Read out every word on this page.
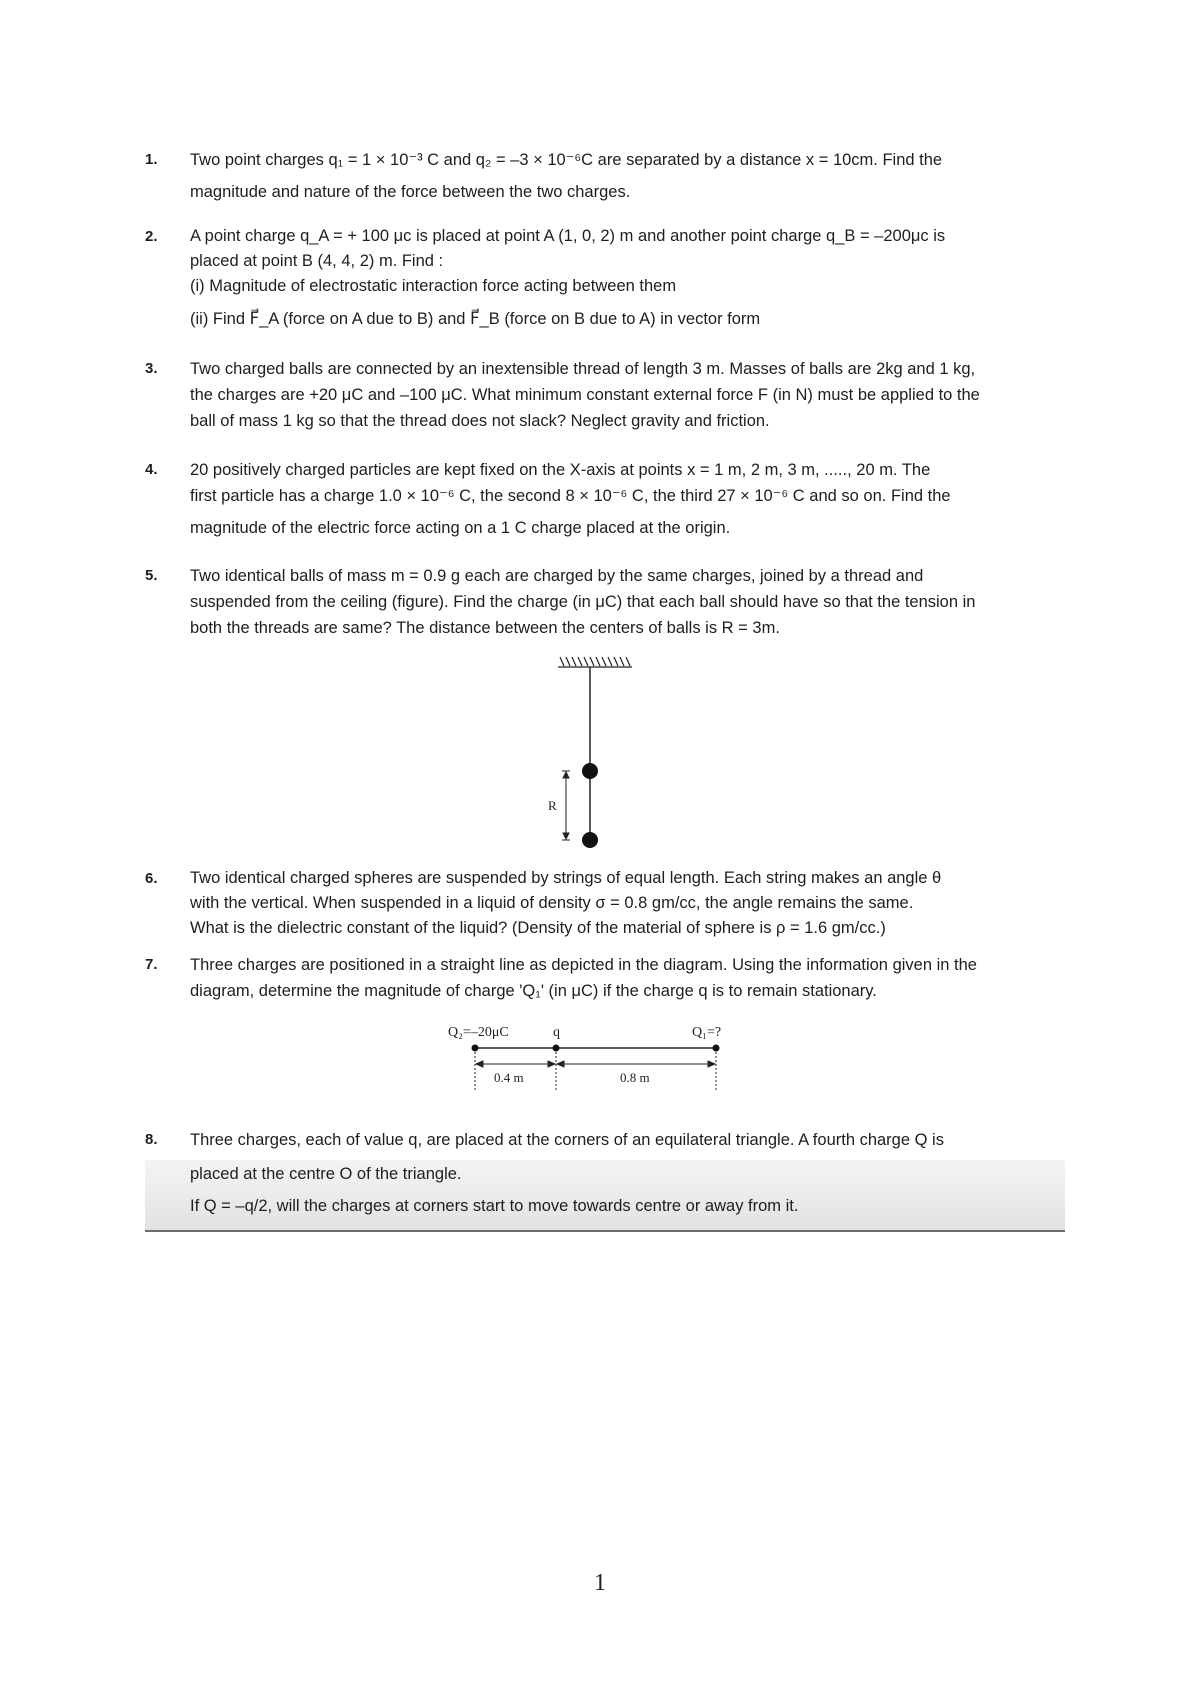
1.	Two point charges q₁ = 1 × 10⁻³ C and q₂ = –3 × 10⁻⁶C are separated by a distance x = 10cm. Find the
magnitude and nature of the force between the two charges.
2.	A point charge q_A = + 100 μc is placed at point A (1, 0, 2) m and another point charge q_B = –200μc is
placed at point B (4, 4, 2) m. Find :
(i) Magnitude of electrostatic interaction force acting between them
(ii) Find F⃗_A (force on A due to B) and F⃗_B (force on B due to A) in vector form
3.	Two charged balls are connected by an inextensible thread of length 3 m. Masses of balls are 2kg and 1 kg,
the charges are +20 μC and –100 μC. What minimum constant external force F (in N) must be applied to the
ball of mass 1 kg so that the thread does not slack? Neglect gravity and friction.
4.	20 positively charged particles are kept fixed on the X-axis at points x = 1 m, 2 m, 3 m, ....., 20 m. The
first particle has a charge 1.0 × 10⁻⁶ C, the second 8 × 10⁻⁶ C, the third 27 × 10⁻⁶ C and so on. Find the
magnitude of the electric force acting on a 1 C charge placed at the origin.
5.	Two identical balls of mass m = 0.9 g each are charged by the same charges, joined by a thread and
suspended from the ceiling (figure). Find the charge (in μC) that each ball should have so that the tension in
both the threads are same? The distance between the centers of balls is R = 3m.
R
6.	Two identical charged spheres are suspended by strings of equal length. Each string makes an angle θ
with the vertical. When suspended in a liquid of density σ = 0.8 gm/cc, the angle remains the same.
What is the dielectric constant of the liquid? (Density of the material of sphere is ρ = 1.6 gm/cc.)
7.	Three charges are positioned in a straight line as depicted in the diagram. Using the information given in the
diagram, determine the magnitude of charge 'Q₁' (in μC) if the charge q is to remain stationary.
Q₂=–20μC	q	Q₁=?
0.4 m	0.8 m
8.	Three charges, each of value q, are placed at the corners of an equilateral triangle. A fourth charge Q is
placed at the centre O of the triangle.
If Q = –q/2, will the charges at corners start to move towards centre or away from it.
1
